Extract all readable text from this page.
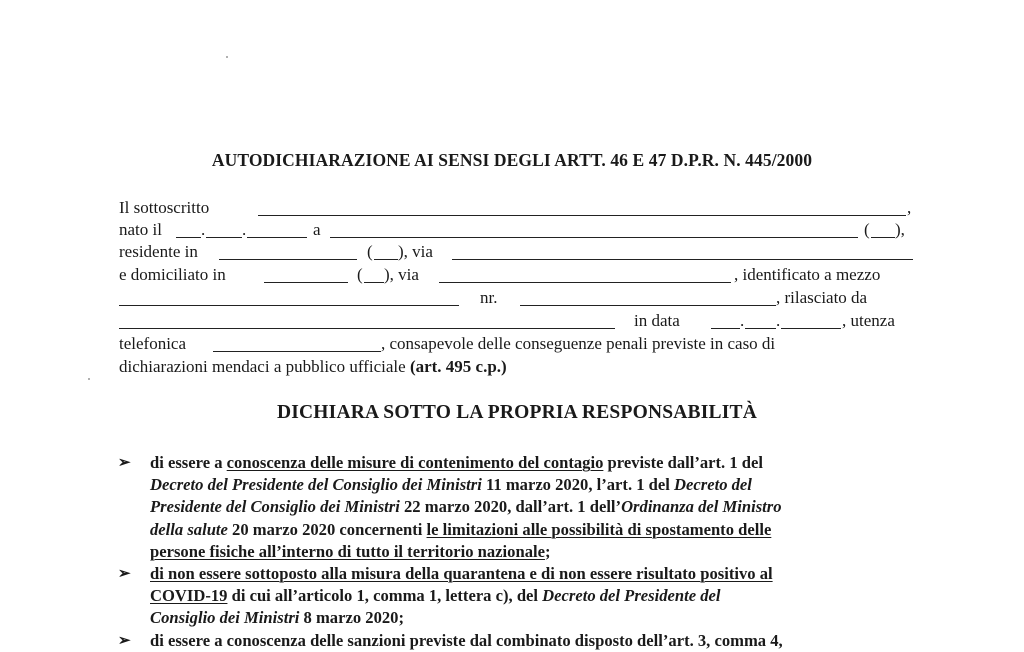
AUTODICHIARAZIONE AI SENSI DEGLI ARTT. 46 E 47 D.P.R. N. 445/2000
Il sottoscritto	,
nato il . .	a	( ),
residente in	( ), via
e domiciliato in	( ), via	, identificato a mezzo
nr.	, rilasciato da
in data	. .	, utenza
telefonica	, consapevole delle conseguenze penali previste in caso di
dichiarazioni mendaci a pubblico ufficiale (art. 495 c.p.)
DICHIARA SOTTO LA PROPRIA RESPONSABILITÀ
➢ di essere a conoscenza delle misure di contenimento del contagio previste dall’art. 1 del
Decreto del Presidente del Consiglio dei Ministri 11 marzo 2020, l’art. 1 del Decreto del
Presidente del Consiglio dei Ministri 22 marzo 2020, dall’art. 1 dell’Ordinanza del Ministro
della salute 20 marzo 2020 concernenti le limitazioni alle possibilità di spostamento delle
persone fisiche all’interno di tutto il territorio nazionale;
➢ di non essere sottoposto alla misura della quarantena e di non essere risultato positivo al
COVID-19 di cui all’articolo 1, comma 1, lettera c), del Decreto del Presidente del
Consiglio dei Ministri 8 marzo 2020;
➢ di essere a conoscenza delle sanzioni previste dal combinato disposto dell’art. 3, comma 4,
